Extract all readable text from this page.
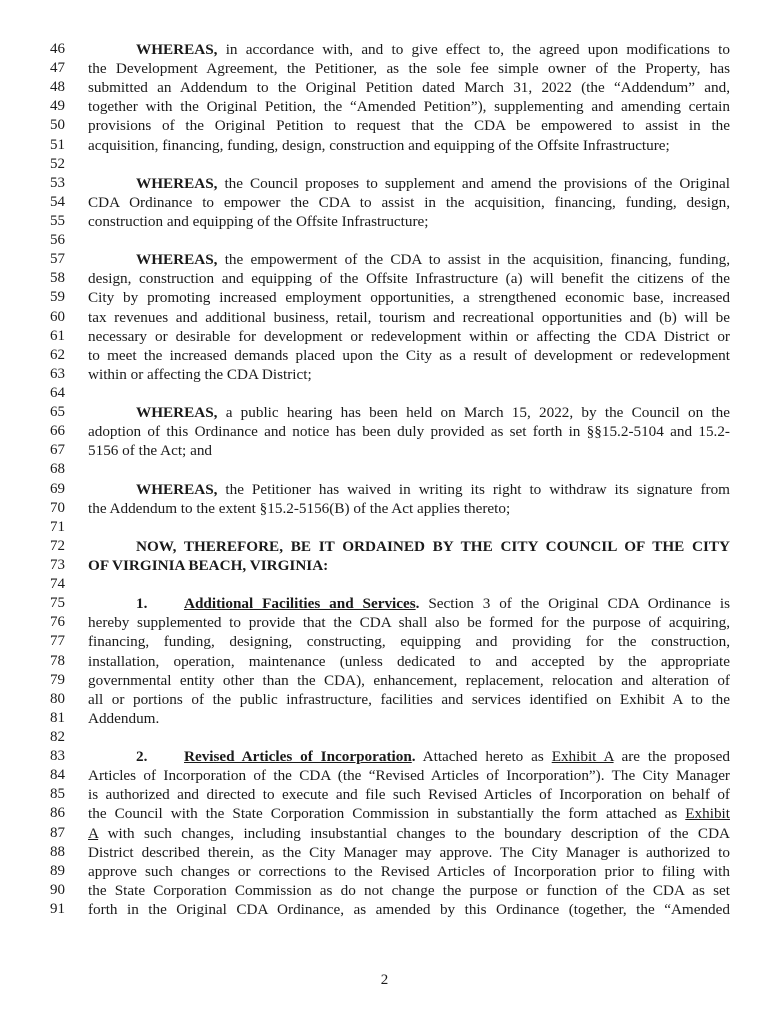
46	WHEREAS, in accordance with, and to give effect to, the agreed upon modifications to
47	the Development Agreement, the Petitioner, as the sole fee simple owner of the Property, has
48	submitted an Addendum to the Original Petition dated March 31, 2022 (the “Addendum” and,
49	together with the Original Petition, the “Amended Petition”), supplementing and amending certain
50	provisions of the Original Petition to request that the CDA be empowered to assist in the
51	acquisition, financing, funding, design, construction and equipping of the Offsite Infrastructure;
52
53	WHEREAS, the Council proposes to supplement and amend the provisions of the Original
54	CDA Ordinance to empower the CDA to assist in the acquisition, financing, funding, design,
55	construction and equipping of the Offsite Infrastructure;
56
57	WHEREAS, the empowerment of the CDA to assist in the acquisition, financing, funding,
58	design, construction and equipping of the Offsite Infrastructure (a) will benefit the citizens of the
59	City by promoting increased employment opportunities, a strengthened economic base, increased
60	tax revenues and additional business, retail, tourism and recreational opportunities and (b) will be
61	necessary or desirable for development or redevelopment within or affecting the CDA District or
62	to meet the increased demands placed upon the City as a result of development or redevelopment
63	within or affecting the CDA District;
64
65	WHEREAS, a public hearing has been held on March 15, 2022, by the Council on the
66	adoption of this Ordinance and notice has been duly provided as set forth in §§15.2-5104 and 15.2-
67	5156 of the Act; and
68
69	WHEREAS, the Petitioner has waived in writing its right to withdraw its signature from
70	the Addendum to the extent §15.2-5156(B) of the Act applies thereto;
71
72	NOW, THEREFORE, BE IT ORDAINED BY THE CITY COUNCIL OF THE CITY
73	OF VIRGINIA BEACH, VIRGINIA:
74
75	1. Additional Facilities and Services. Section 3 of the Original CDA Ordinance is
76	hereby supplemented to provide that the CDA shall also be formed for the purpose of acquiring,
77	financing, funding, designing, constructing, equipping and providing for the construction,
78	installation, operation, maintenance (unless dedicated to and accepted by the appropriate
79	governmental entity other than the CDA), enhancement, replacement, relocation and alteration of
80	all or portions of the public infrastructure, facilities and services identified on Exhibit A to the
81	Addendum.
82
83	2. Revised Articles of Incorporation. Attached hereto as Exhibit A are the proposed
84	Articles of Incorporation of the CDA (the “Revised Articles of Incorporation”). The City Manager
85	is authorized and directed to execute and file such Revised Articles of Incorporation on behalf of
86	the Council with the State Corporation Commission in substantially the form attached as Exhibit
87	A with such changes, including insubstantial changes to the boundary description of the CDA
88	District described therein, as the City Manager may approve. The City Manager is authorized to
89	approve such changes or corrections to the Revised Articles of Incorporation prior to filing with
90	the State Corporation Commission as do not change the purpose or function of the CDA as set
91	forth in the Original CDA Ordinance, as amended by this Ordinance (together, the “Amended
2
